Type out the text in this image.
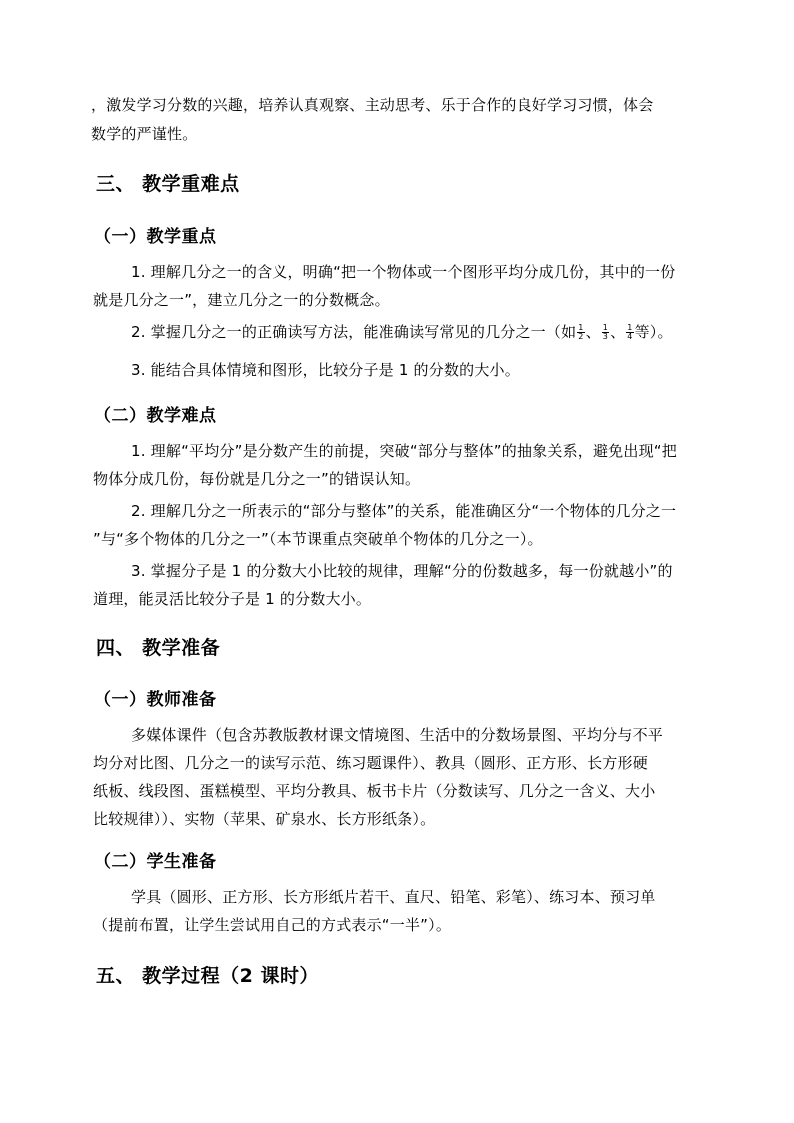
，激发学习分数的兴趣，培养认真观察、主动思考、乐于合作的良好学习习惯，体会
数学的严谨性。
三、 教学重难点
（一）教学重点
1. 理解几分之一的含义，明确“把一个物体或一个图形平均分成几份，其中的一份
就是几分之一”，建立几分之一的分数概念。
2. 掌握几分之一的正确读写方法，能准确读写常见的几分之一（如 $\frac{1}{2}$ 、 $\frac{1}{3}$ 、 $\frac{1}{4}$ 等）。
3. 能结合具体情境和图形，比较分子是 1 的分数的大小。
（二）教学难点
1. 理解“平均分”是分数产生的前提，突破“部分与整体”的抽象关系，避免出现“把
物体分成几份，每份就是几分之一”的错误认知。
2. 理解几分之一所表示的“部分与整体”的关系，能准确区分“一个物体的几分之一
”与“多个物体的几分之一”（本节课重点突破单个物体的几分之一）。
3. 掌握分子是 1 的分数大小比较的规律，理解“分的份数越多，每一份就越小”的
道理，能灵活比较分子是 1 的分数大小。
四、 教学准备
（一）教师准备
多媒体课件（包含苏教版教材课文情境图、生活中的分数场景图、平均分与不平
均分对比图、几分之一的读写示范、练习题课件）、教具（圆形、正方形、长方形硬
纸板、线段图、蛋糕模型、平均分教具、板书卡片（分数读写、几分之一含义、大小
比较规律））、实物（苹果、矿泉水、长方形纸条）。
（二）学生准备
学具（圆形、正方形、长方形纸片若干、直尺、铅笔、彩笔）、练习本、预习单
（提前布置，让学生尝试用自己的方式表示“一半”）。
五、 教学过程（2 课时）
